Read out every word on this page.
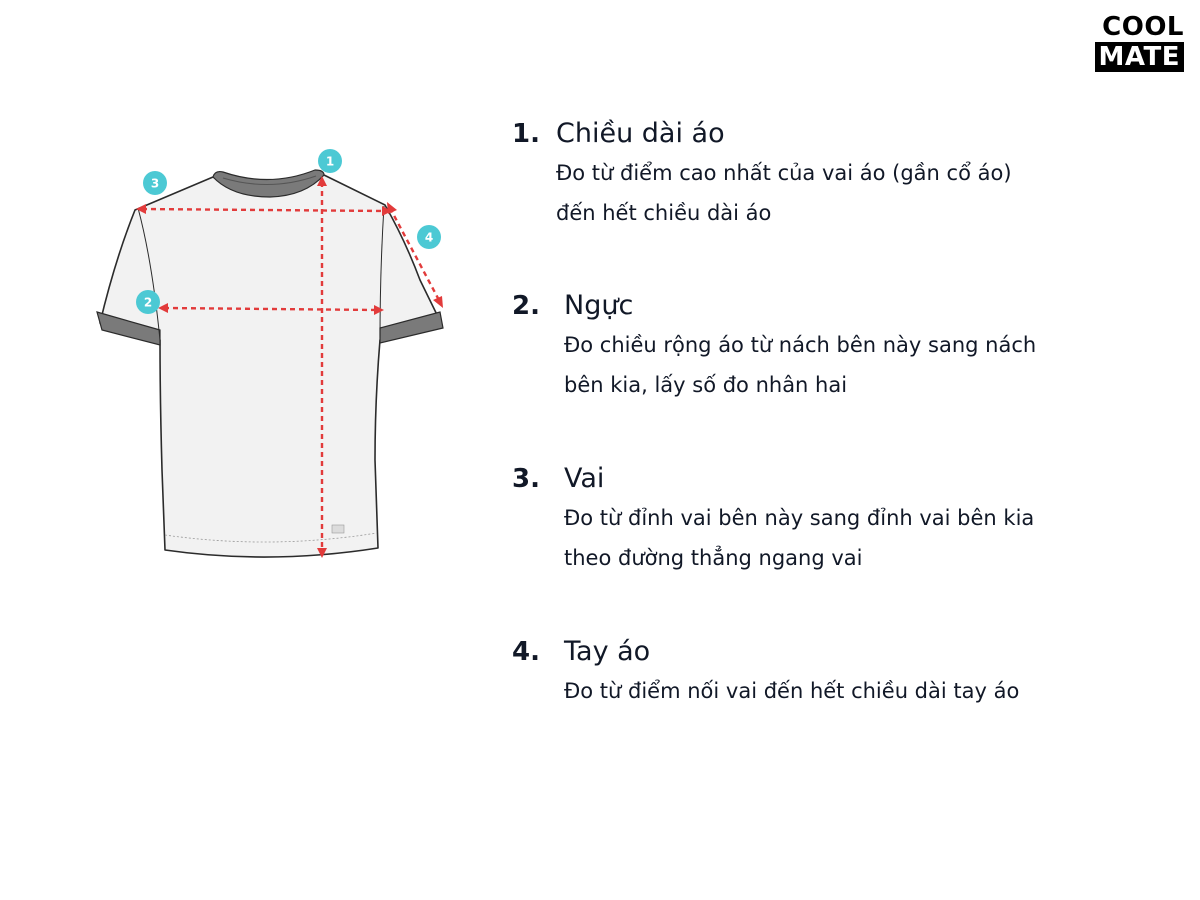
COOL
MATE
1
2
3
4
1. Chiều dài áo
Đo từ điểm cao nhất của vai áo (gần cổ áo)
đến hết chiều dài áo
2. Ngực
Đo chiều rộng áo từ nách bên này sang nách
bên kia, lấy số đo nhân hai
3. Vai
Đo từ đỉnh vai bên này sang đỉnh vai bên kia
theo đường thẳng ngang vai
4. Tay áo
Đo từ điểm nối vai đến hết chiều dài tay áo
